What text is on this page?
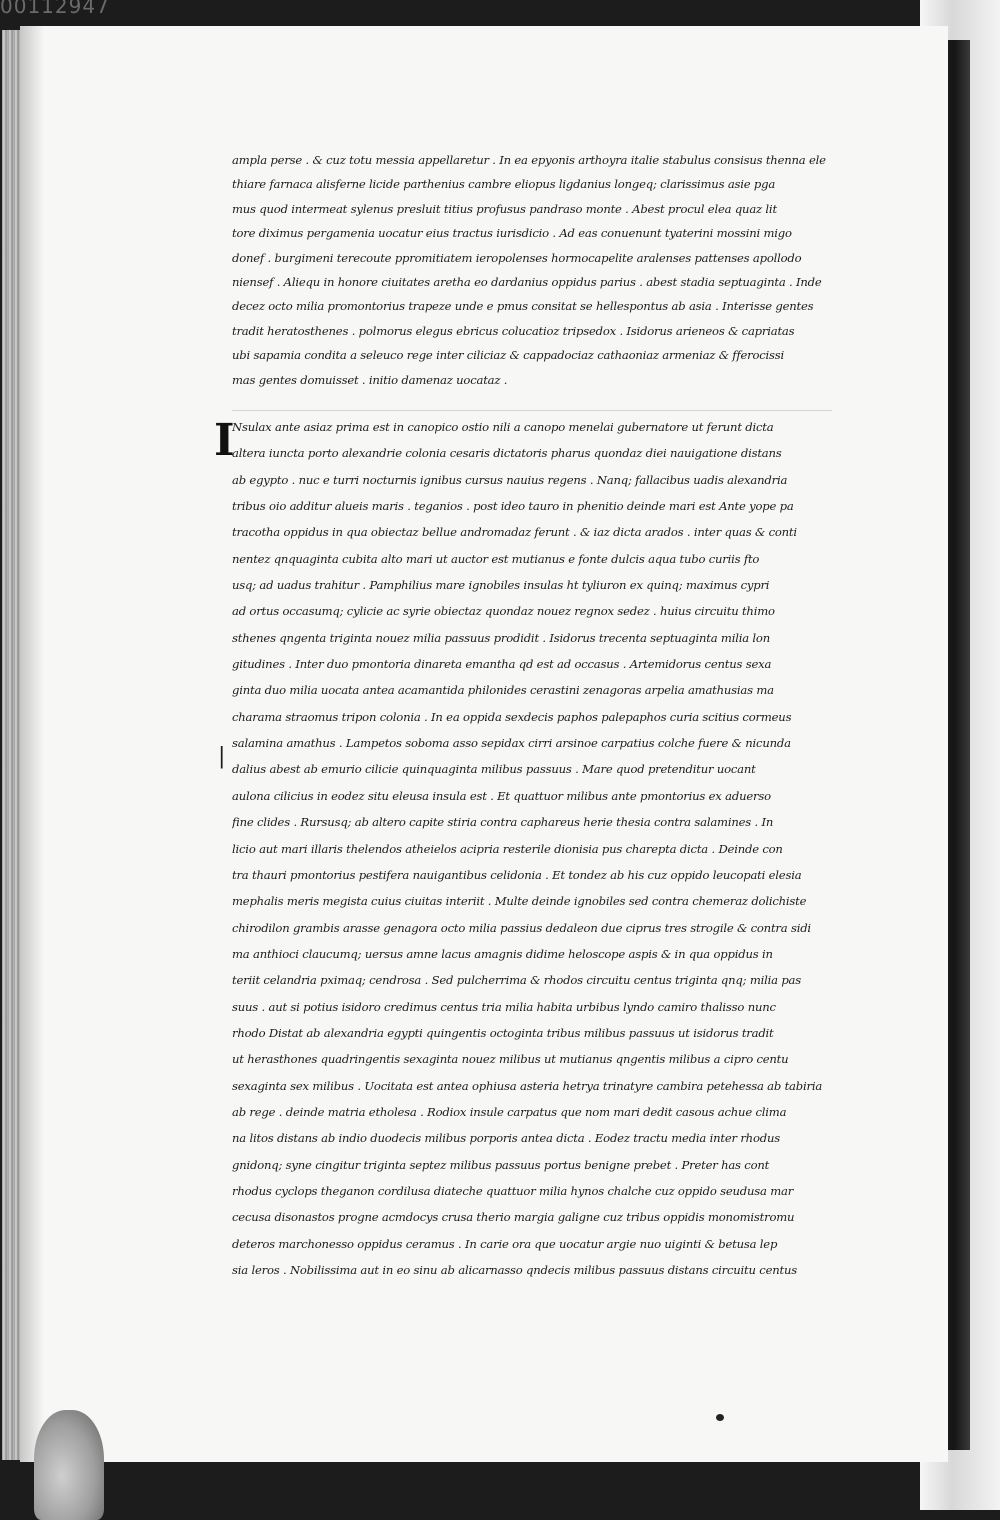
00112947
ampla perse . & cuz totu messia appellaretur . In ea epyonis arthoyra italie stabulus consisus thenna ele
thiare farnaca alisferne licide parthenius cambre eliopus ligdanius longeq; clarissimus asie pga
mus quod intermeat sylenus presluit titius profusus pandraso monte . Abest procul elea quaz lit
tore diximus pergamenia uocatur eius tractus iurisdicio . Ad eas conuenunt tyaterini mossini migo
donef . burgimeni terecoute ppromitiatem ieropolenses hormocapelite aralenses pattenses apollodo
niensef . Aliequ in honore ciuitates aretha eo dardanius oppidus parius . abest stadia septuaginta . Inde
decez octo milia promontorius trapeze unde e pmus consitat se hellespontus ab asia . Interisse gentes
tradit heratosthenes . polmorus elegus ebricus colucatioz tripsedox . Isidorus arieneos & capriatas
ubi sapamia condita a seleuco rege inter ciliciaz & cappadociaz cathaoniaz armeniaz & fferocissi
mas gentes domuisset . initio damenaz uocataz .
I
|
Nsulax ante asiaz prima est in canopico ostio nili a canopo menelai gubernatore ut ferunt dicta
altera iuncta porto alexandrie colonia cesaris dictatoris pharus quondaz diei nauigatione distans
ab egypto . nuc e turri nocturnis ignibus cursus nauius regens . Nanq; fallacibus uadis alexandria
tribus oio additur alueis maris . teganios . post ideo tauro in phenitio deinde mari est Ante yope pa
tracotha oppidus in qua obiectaz bellue andromadaz ferunt . & iaz dicta arados . inter quas & conti
nentez qnquaginta cubita alto mari ut auctor est mutianus e fonte dulcis aqua tubo curiis fto
usq; ad uadus trahitur . Pamphilius mare ignobiles insulas ht tyliuron ex quinq; maximus cypri
ad ortus occasumq; cylicie ac syrie obiectaz quondaz nouez regnox sedez . huius circuitu thimo
sthenes qngenta triginta nouez milia passuus prodidit . Isidorus trecenta septuaginta milia lon
gitudines . Inter duo pmontoria dinareta emantha qd est ad occasus . Artemidorus centus sexa
ginta duo milia uocata antea acamantida philonides cerastini zenagoras arpelia amathusias ma
charama straomus tripon colonia . In ea oppida sexdecis paphos palepaphos curia scitius cormeus
salamina amathus . Lampetos soboma asso sepidax cirri arsinoe carpatius colche fuere & nicunda
dalius abest ab emurio cilicie quinquaginta milibus passuus . Mare quod pretenditur uocant
aulona cilicius in eodez situ eleusa insula est . Et quattuor milibus ante pmontorius ex aduerso
fine clides . Rursusq; ab altero capite stiria contra caphareus herie thesia contra salamines . In
licio aut mari illaris thelendos atheielos acipria resterile dionisia pus charepta dicta . Deinde con
tra thauri pmontorius pestifera nauigantibus celidonia . Et tondez ab his cuz oppido leucopati elesia
mephalis meris megista cuius ciuitas interiit . Multe deinde ignobiles sed contra chemeraz dolichiste
chirodilon grambis arasse genagora octo milia passius dedaleon due ciprus tres strogile & contra sidi
ma anthioci claucumq; uersus amne lacus amagnis didime heloscope aspis & in qua oppidus in
teriit celandria pximaq; cendrosa . Sed pulcherrima & rhodos circuitu centus triginta qnq; milia pas
suus . aut si potius isidoro credimus centus tria milia habita urbibus lyndo camiro thalisso nunc
rhodo Distat ab alexandria egypti quingentis octoginta tribus milibus passuus ut isidorus tradit
ut herasthones quadringentis sexaginta nouez milibus ut mutianus qngentis milibus a cipro centu
sexaginta sex milibus . Uocitata est antea ophiusa asteria hetrya trinatyre cambira petehessa ab tabiria
ab rege . deinde matria etholesa . Rodiox insule carpatus que nom mari dedit casous achue clima
na litos distans ab indio duodecis milibus porporis antea dicta . Eodez tractu media inter rhodus
gnidonq; syne cingitur triginta septez milibus passuus portus benigne prebet . Preter has cont
rhodus cyclops theganon cordilusa diateche quattuor milia hynos chalche cuz oppido seudusa mar
cecusa disonastos progne acmdocys crusa therio margia galigne cuz tribus oppidis monomistromu
deteros marchonesso oppidus ceramus . In carie ora que uocatur argie nuo uiginti & betusa lep
sia leros . Nobilissima aut in eo sinu ab alicarnasso qndecis milibus passuus distans circuitu centus
